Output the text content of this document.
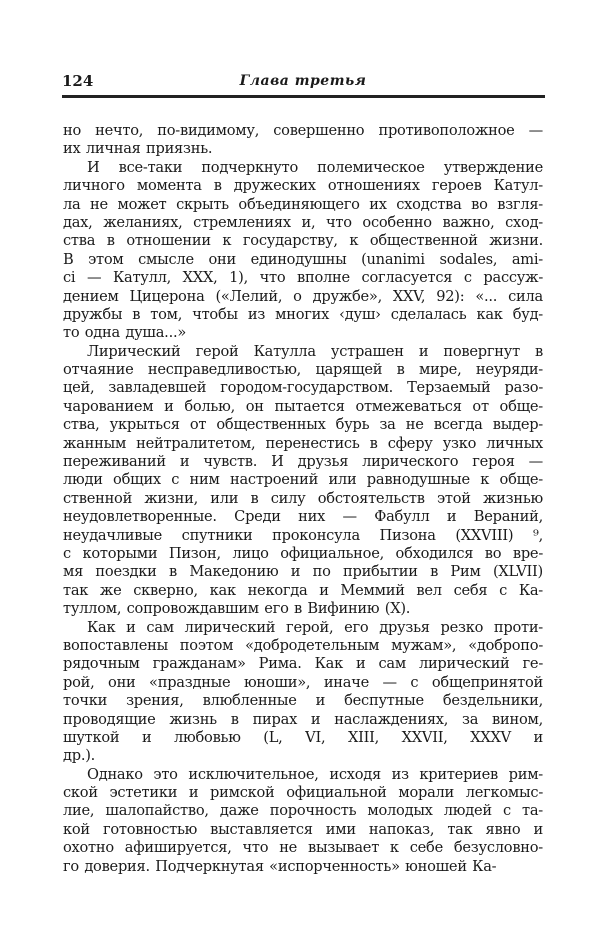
124	Глава третья
но нечто, по-видимому, совершенно противоположное —
их личная приязнь.
И все-таки подчеркнуто полемическое утверждение
личного момента в дружеских отношениях героев Катул-
ла не может скрыть объединяющего их сходства во взгля-
дах, желаниях, стремлениях и, что особенно важно, сход-
ства в отношении к государству, к общественной жизни.
В этом смысле они единодушны (unanimi sodales, ami-
ci — Катулл, XXX, 1), что вполне согласуется с рассуж-
дением Цицерона («Лелий, о дружбе», XXV, 92): «... сила
дружбы в том, чтобы из многих ‹душ› сделалась как буд-
то одна душа...»
Лирический герой Катулла устрашен и повергнут в
отчаяние несправедливостью, царящей в мире, неуряди-
цей, завладевшей городом-государством. Терзаемый разо-
чарованием и болью, он пытается отмежеваться от обще-
ства, укрыться от общественных бурь за не всегда выдер-
жанным нейтралитетом, перенестись в сферу узко личных
переживаний и чувств. И друзья лирического героя —
люди общих с ним настроений или равнодушные к обще-
ственной жизни, или в силу обстоятельств этой жизнью
неудовлетворенные. Среди них — Фабулл и Вераний,
неудачливые спутники проконсула Пизона (XXVIII) ⁹,
с которыми Пизон, лицо официальное, обходился во вре-
мя поездки в Македонию и по прибытии в Рим (XLVII)
так же скверно, как некогда и Меммий вел себя с Ка-
туллом, сопровождавшим его в Вифинию (X).
Как и сам лирический герой, его друзья резко проти-
вопоставлены поэтом «добродетельным мужам», «добропо-
рядочным гражданам» Рима. Как и сам лирический ге-
рой, они «праздные юноши», иначе — с общепринятой
точки зрения, влюбленные и беспутные бездельники,
проводящие жизнь в пирах и наслаждениях, за вином,
шуткой и любовью (L, VI, XIII, XXVII, XXXV и
др.).
Однако это исключительное, исходя из критериев рим-
ской эстетики и римской официальной морали легкомыс-
лие, шалопайство, даже порочность молодых людей с та-
кой готовностью выставляется ими напоказ, так явно и
охотно афишируется, что не вызывает к себе безусловно-
го доверия. Подчеркнутая «испорченность» юношей Ка-
